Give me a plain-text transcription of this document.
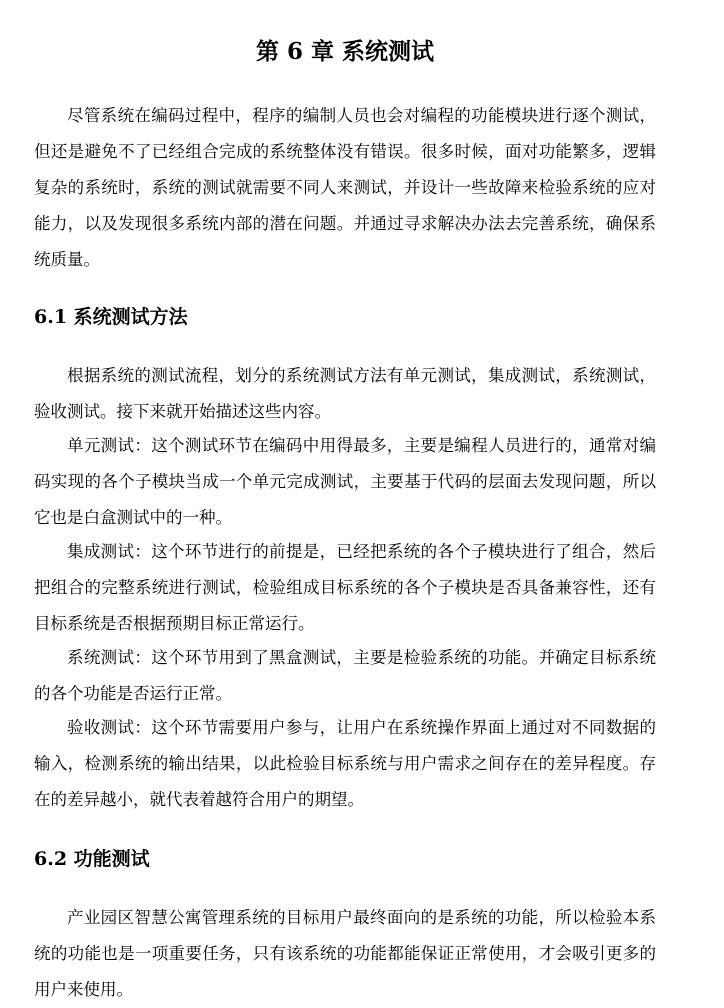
第 6 章 系统测试

尽管系统在编码过程中，程序的编制人员也会对编程的功能模块进行逐个测试，但还是避免不了已经组合完成的系统整体没有错误。很多时候，面对功能繁多，逻辑复杂的系统时，系统的测试就需要不同人来测试，并设计一些故障来检验系统的应对能力，以及发现很多系统内部的潜在问题。并通过寻求解决办法去完善系统，确保系统质量。

6.1 系统测试方法

根据系统的测试流程，划分的系统测试方法有单元测试，集成测试，系统测试，验收测试。接下来就开始描述这些内容。

单元测试：这个测试环节在编码中用得最多，主要是编程人员进行的，通常对编码实现的各个子模块当成一个单元完成测试，主要基于代码的层面去发现问题，所以它也是白盒测试中的一种。

集成测试：这个环节进行的前提是，已经把系统的各个子模块进行了组合，然后把组合的完整系统进行测试，检验组成目标系统的各个子模块是否具备兼容性，还有目标系统是否根据预期目标正常运行。

系统测试：这个环节用到了黑盒测试，主要是检验系统的功能。并确定目标系统的各个功能是否运行正常。

验收测试：这个环节需要用户参与，让用户在系统操作界面上通过对不同数据的输入，检测系统的输出结果，以此检验目标系统与用户需求之间存在的差异程度。存在的差异越小，就代表着越符合用户的期望。

6.2 功能测试

产业园区智慧公寓管理系统的目标用户最终面向的是系统的功能，所以检验本系统的功能也是一项重要任务，只有该系统的功能都能保证正常使用，才会吸引更多的用户来使用。
